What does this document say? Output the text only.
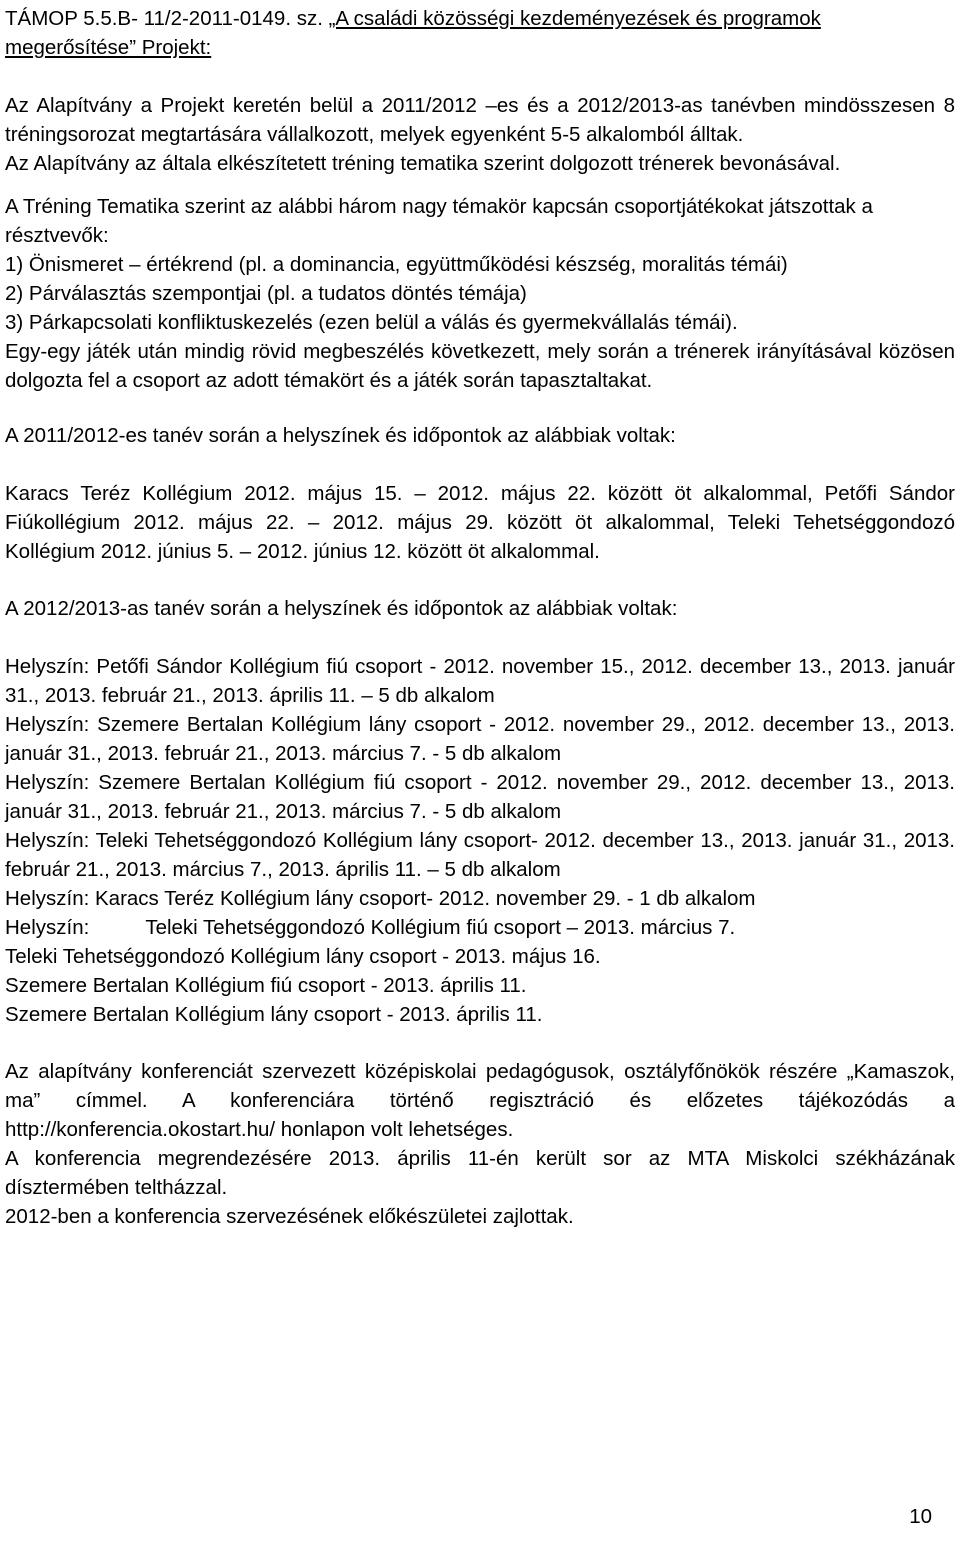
TÁMOP 5.5.B- 11/2-2011-0149. sz. „A családi közösségi kezdeményezések és programok megerősítése” Projekt:

Az Alapítvány a Projekt keretén belül a 2011/2012 –es és a 2012/2013-as tanévben mindösszesen 8 tréningsorozat megtartására vállalkozott, melyek egyenként 5-5 alkalomból álltak.

Az Alapítvány az általa elkészítetett tréning tematika szerint dolgozott trénerek bevonásával.

A Tréning Tematika szerint az alábbi három nagy témakör kapcsán csoportjátékokat játszottak a résztvevők:

1) Önismeret – értékrend (pl. a dominancia, együttműködési készség, moralitás témái)

2) Párválasztás szempontjai (pl. a tudatos döntés témája)

3) Párkapcsolati konfliktuskezelés (ezen belül a válás és gyermekvállalás témái).

Egy-egy játék után mindig rövid megbeszélés következett, mely során a trénerek irányításával közösen dolgozta fel a csoport az adott témakört és a játék során tapasztaltakat.

A 2011/2012-es tanév során a helyszínek és időpontok az alábbiak voltak:

Karacs Teréz Kollégium 2012. május 15. – 2012. május 22. között öt alkalommal, Petőfi Sándor Fiúkollégium 2012. május 22. – 2012. május 29. között öt alkalommal, Teleki Tehetséggondozó Kollégium 2012. június 5. – 2012. június 12. között öt alkalommal.

A 2012/2013-as tanév során a helyszínek és időpontok az alábbiak voltak:

Helyszín: Petőfi Sándor Kollégium fiú csoport - 2012. november 15., 2012. december 13., 2013. január 31., 2013. február 21., 2013. április 11. – 5 db alkalom
Helyszín: Szemere Bertalan Kollégium lány csoport - 2012. november 29., 2012. december 13., 2013. január 31., 2013. február 21., 2013. március 7. - 5 db alkalom
Helyszín: Szemere Bertalan Kollégium fiú csoport - 2012. november 29., 2012. december 13., 2013. január 31., 2013. február 21., 2013. március 7. - 5 db alkalom
Helyszín: Teleki Tehetséggondozó Kollégium lány csoport- 2012. december 13., 2013. január 31., 2013. február 21., 2013. március 7., 2013. április 11. – 5 db alkalom
Helyszín: Karacs Teréz Kollégium lány csoport- 2012. november 29. - 1 db alkalom
Helyszín:	Teleki Tehetséggondozó Kollégium fiú csoport – 2013. március 7.
Teleki Tehetséggondozó Kollégium lány csoport - 2013. május 16.
Szemere Bertalan Kollégium fiú csoport - 2013. április 11.
Szemere Bertalan Kollégium lány csoport - 2013. április 11.

Az alapítvány konferenciát szervezett középiskolai pedagógusok, osztályfőnökök részére „Kamaszok, ma” címmel. A konferenciára történő regisztráció és előzetes tájékozódás a http://konferencia.okostart.hu/ honlapon volt lehetséges.

A konferencia megrendezésére 2013. április 11-én került sor az MTA Miskolci székházának dísztermében teltházzal.

2012-ben a konferencia szervezésének előkészületei zajlottak.

10
